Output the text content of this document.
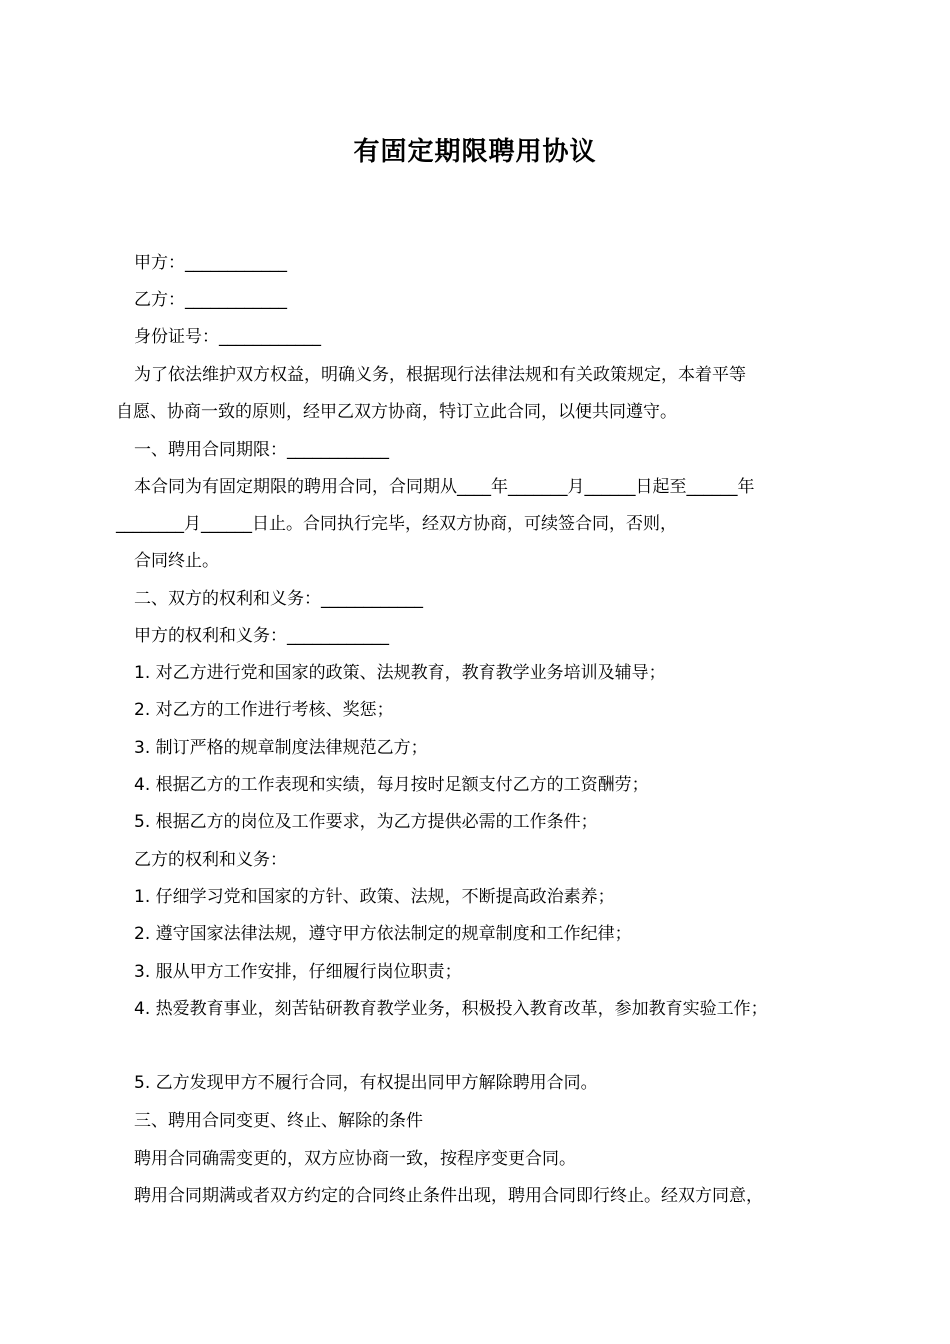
有固定期限聘用协议
甲方：____________
乙方：____________
身份证号：____________
为了依法维护双方权益，明确义务，根据现行法律法规和有关政策规定，本着平等
自愿、协商一致的原则，经甲乙双方协商，特订立此合同，以便共同遵守。
一、聘用合同期限：____________
本合同为有固定期限的聘用合同，合同期从____年_______月______日起至______年
________月______日止。合同执行完毕，经双方协商，可续签合同，否则，
合同终止。
二、双方的权利和义务：____________
甲方的权利和义务：____________
1. 对乙方进行党和国家的政策、法规教育，教育教学业务培训及辅导；
2. 对乙方的工作进行考核、奖惩；
3. 制订严格的规章制度法律规范乙方；
4. 根据乙方的工作表现和实绩，每月按时足额支付乙方的工资酬劳；
5. 根据乙方的岗位及工作要求，为乙方提供必需的工作条件；
乙方的权利和义务：
1. 仔细学习党和国家的方针、政策、法规，不断提高政治素养；
2. 遵守国家法律法规，遵守甲方依法制定的规章制度和工作纪律；
3. 服从甲方工作安排，仔细履行岗位职责；
4. 热爱教育事业，刻苦钻研教育教学业务，积极投入教育改革，参加教育实验工作；
5. 乙方发现甲方不履行合同，有权提出同甲方解除聘用合同。
三、聘用合同变更、终止、解除的条件
聘用合同确需变更的，双方应协商一致，按程序变更合同。
聘用合同期满或者双方约定的合同终止条件出现，聘用合同即行终止。经双方同意，
